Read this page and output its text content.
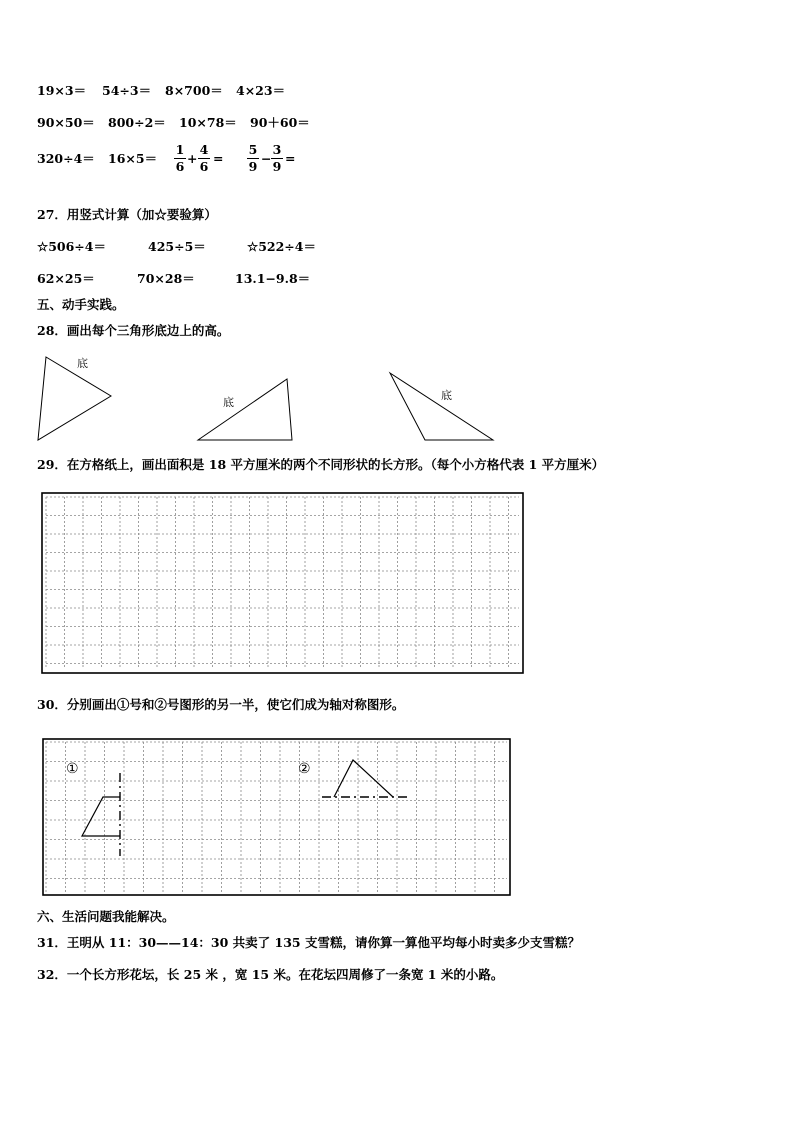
19×3＝ 54÷3＝ 8×700＝ 4×23＝
90×50＝ 800÷2＝ 10×78＝ 90＋60＝
320÷4＝ 16×5＝
1
6
+
4
6
=
5
9
−
3
9
=
27．用竖式计算（加☆要验算）
☆506÷4＝	425÷5＝	☆522÷4＝
62×25＝	70×28＝	13.1−9.8＝
五、动手实践。
28．画出每个三角形底边上的高。
底
底
底
29．在方格纸上，画出面积是 18 平方厘米的两个不同形状的长方形。（每个小方格代表 1 平方厘米）
30．分别画出①号和②号图形的另一半，使它们成为轴对称图形。
①	②
六、生活问题我能解决。
31．王明从 11：30——14：30 共卖了 135 支雪糕，请你算一算他平均每小时卖多少支雪糕？
32．一个长方形花坛，长 25 米 ，宽 15 米。在花坛四周修了一条宽 1 米的小路。
